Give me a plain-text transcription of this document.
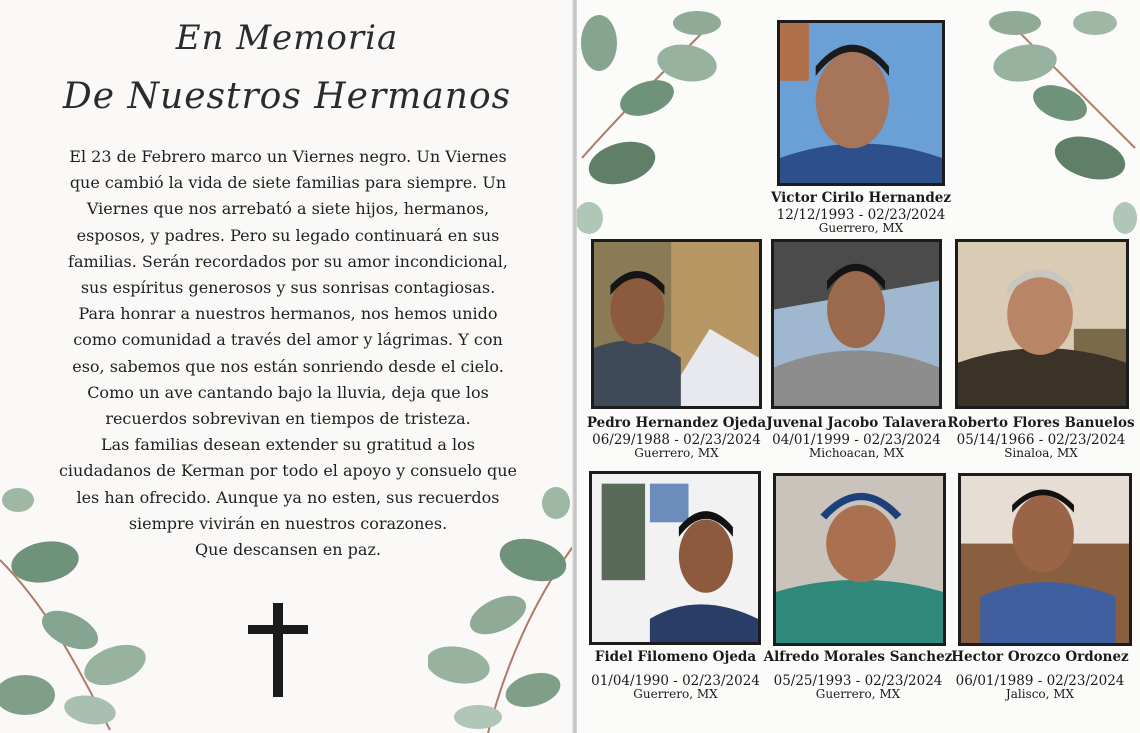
En Memoria
De Nuestros Hermanos

El 23 de Febrero marco un Viernes negro. Un Viernes que cambió la vida de siete familias para siempre. Un Viernes que nos arrebató a siete hijos, hermanos, esposos, y padres. Pero su legado continuará en sus familias. Serán recordados por su amor incondicional, sus espíritus generosos y sus sonrisas contagiosas.

Para honrar a nuestros hermanos, nos hemos unido como comunidad a través del amor y lágrimas. Y con eso, sabemos que nos están sonriendo desde el cielo. Como un ave cantando bajo la lluvia, deja que los recuerdos sobrevivan en tiempos de tristeza.

Las familias desean extender su gratitud a los ciudadanos de Kerman por todo el apoyo y consuelo que les han ofrecido. Aunque ya no esten, sus recuerdos siempre vivirán en nuestros corazones.

Que descansen en paz.

Victor Cirilo Hernandez
12/12/1993 - 02/23/2024
Guerrero, MX
Pedro Hernandez Ojeda
06/29/1988 - 02/23/2024
Guerrero, MX
Juvenal Jacobo Talavera
04/01/1999 - 02/23/2024
Michoacan, MX
Roberto Flores Banuelos
05/14/1966 - 02/23/2024
Sinaloa, MX
Fidel Filomeno Ojeda
01/04/1990 - 02/23/2024
Guerrero, MX
Alfredo Morales Sanchez
05/25/1993 - 02/23/2024
Guerrero, MX
Hector Orozco Ordonez
06/01/1989 - 02/23/2024
Jalisco, MX
